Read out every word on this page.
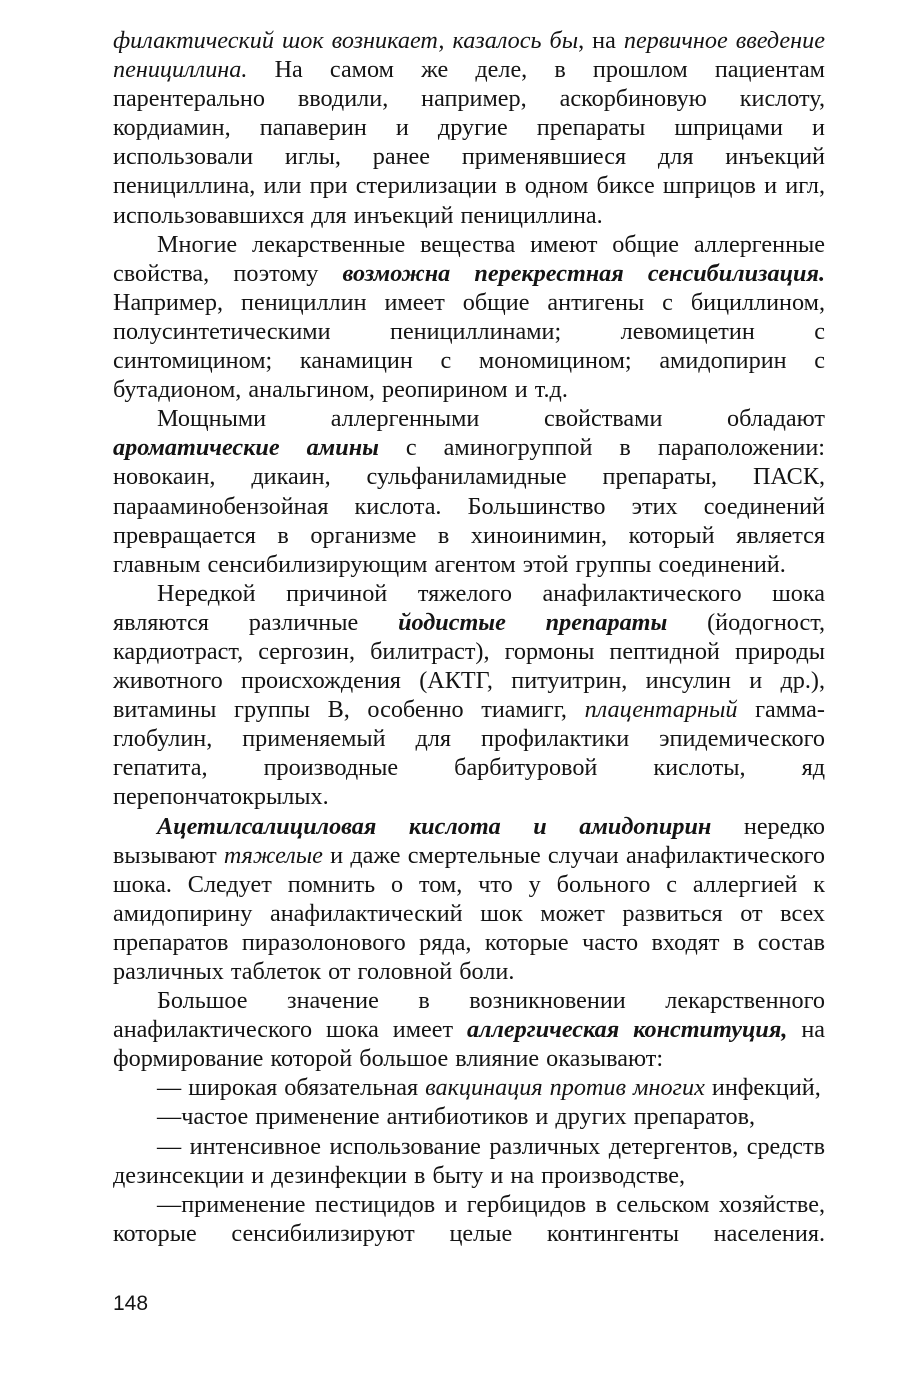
филактический шок возникает, казалось бы, на первичное введение пенициллина. На самом же деле, в прошлом пациентам парентерально вводили, например, аскорбиновую кислоту, кордиамин, папаверин и другие препараты шприцами и использовали иглы, ранее применявшиеся для инъекций пенициллина, или при стерилизации в одном биксе шприцов и игл, использовавшихся для инъекций пенициллина.

Многие лекарственные вещества имеют общие аллергенные свойства, поэтому возможна перекрестная сенсибилизация. Например, пенициллин имеет общие антигены с бициллином, полусинтетическими пенициллинами; левомицетин с синтомицином; канамицин с мономицином; амидопирин с бутадионом, анальгином, реопирином и т.д.

Мощными аллергенными свойствами обладают ароматические амины с аминогруппой в параположении: новокаин, дикаин, сульфаниламидные препараты, ПАСК, парааминобензойная кислота. Большинство этих соединений превращается в организме в хиноинимин, который является главным сенсибилизирующим агентом этой группы соединений.

Нередкой причиной тяжелого анафилактического шока являются различные йодистые препараты (йодогност, кардиотраст, сергозин, билитраст), гормоны пептидной природы животного происхождения (АКТГ, питуитрин, инсулин и др.), витамины группы В, особенно тиамигг, плацентарный гамма-глобулин, применяемый для профилактики эпидемического гепатита, производные барбитуровой кислоты, яд перепончатокрылых.

Ацетилсалициловая кислота и амидопирин нередко вызывают тяжелые и даже смертельные случаи анафилактического шока. Следует помнить о том, что у больного с аллергией к амидопирину анафилактический шок может развиться от всех препаратов пиразолонового ряда, которые часто входят в состав различных таблеток от головной боли.

Большое значение в возникновении лекарственного анафилактического шока имеет аллергическая конституция, на формирование которой большое влияние оказывают:

— широкая обязательная вакцинация против многих инфекций,

—частое применение антибиотиков и других препаратов,

— интенсивное использование различных детергентов, средств дезинсекции и дезинфекции в быту и на производстве,

—применение пестицидов и гербицидов в сельском хозяйстве, которые сенсибилизируют целые контингенты населения.

148
